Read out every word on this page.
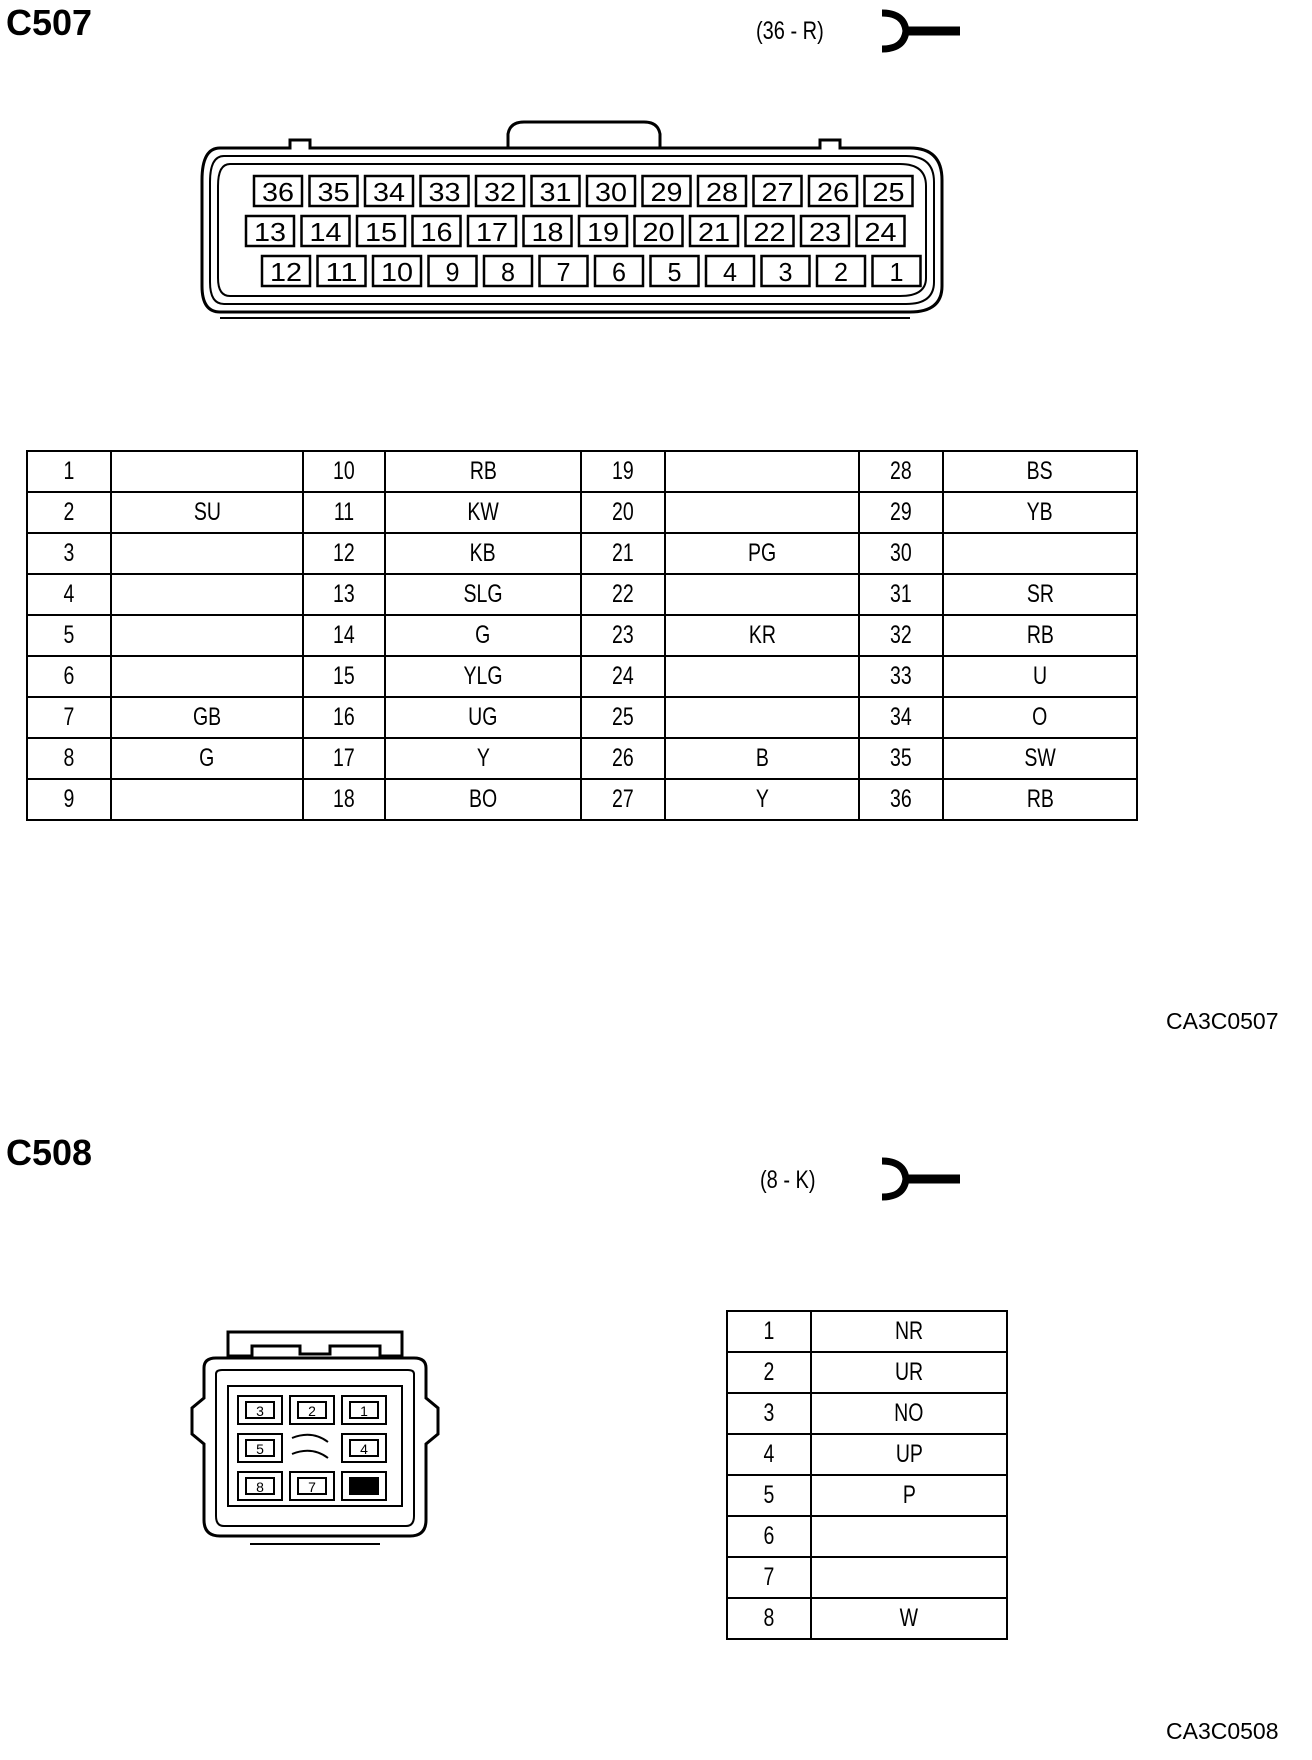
C507	(36 - R)
36 35 34 33 32 31 30 29 28 27 26 25
13 14 15 16 17 18 19 20 21 22 23 24
12 11 10 9 8 7 6 5 4 3 2 1
1		10	RB	19		28	BS
2	SU	11	KW	20		29	YB
3		12	KB	21	PG	30	
4		13	SLG	22		31	SR
5		14	G	23	KR	32	RB
6		15	YLG	24		33	U
7	GB	16	UG	25		34	O
8	G	17	Y	26	B	35	SW
9		18	BO	27	Y	36	RB
CA3C0507
C508
(8 - K)
3	2	1
5	4
8	7
1	NR
2	UR
3	NO
4	UP
5	P
6	
7	
8	W
CA3C0508
